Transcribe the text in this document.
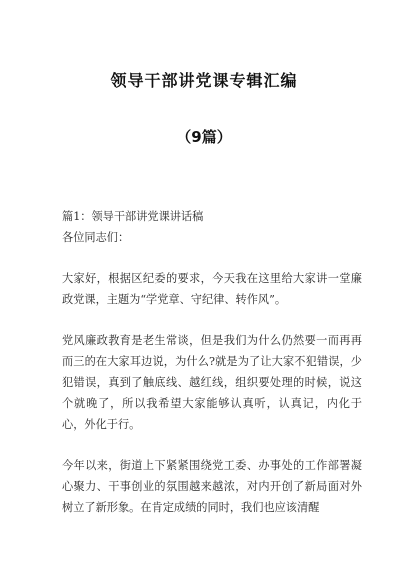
领导干部讲党课专辑汇编
（9篇）

篇1：领导干部讲党课讲话稿

各位同志们：

大家好，根据区纪委的要求，今天我在这里给大家讲一堂廉政党课，主题为“学党章、守纪律、转作风”。

党风廉政教育是老生常谈，但是我们为什么仍然要一而再再而三的在大家耳边说，为什么?就是为了让大家不犯错误，少犯错误，真到了触底线、越红线，组织要处理的时候，说这个就晚了，所以我希望大家能够认真听，认真记，内化于心，外化于行。

今年以来，街道上下紧紧围绕党工委、办事处的工作部署凝心聚力、干事创业的氛围越来越浓，对内开创了新局面对外树立了新形象。在肯定成绩的同时，我们也应该清醒
